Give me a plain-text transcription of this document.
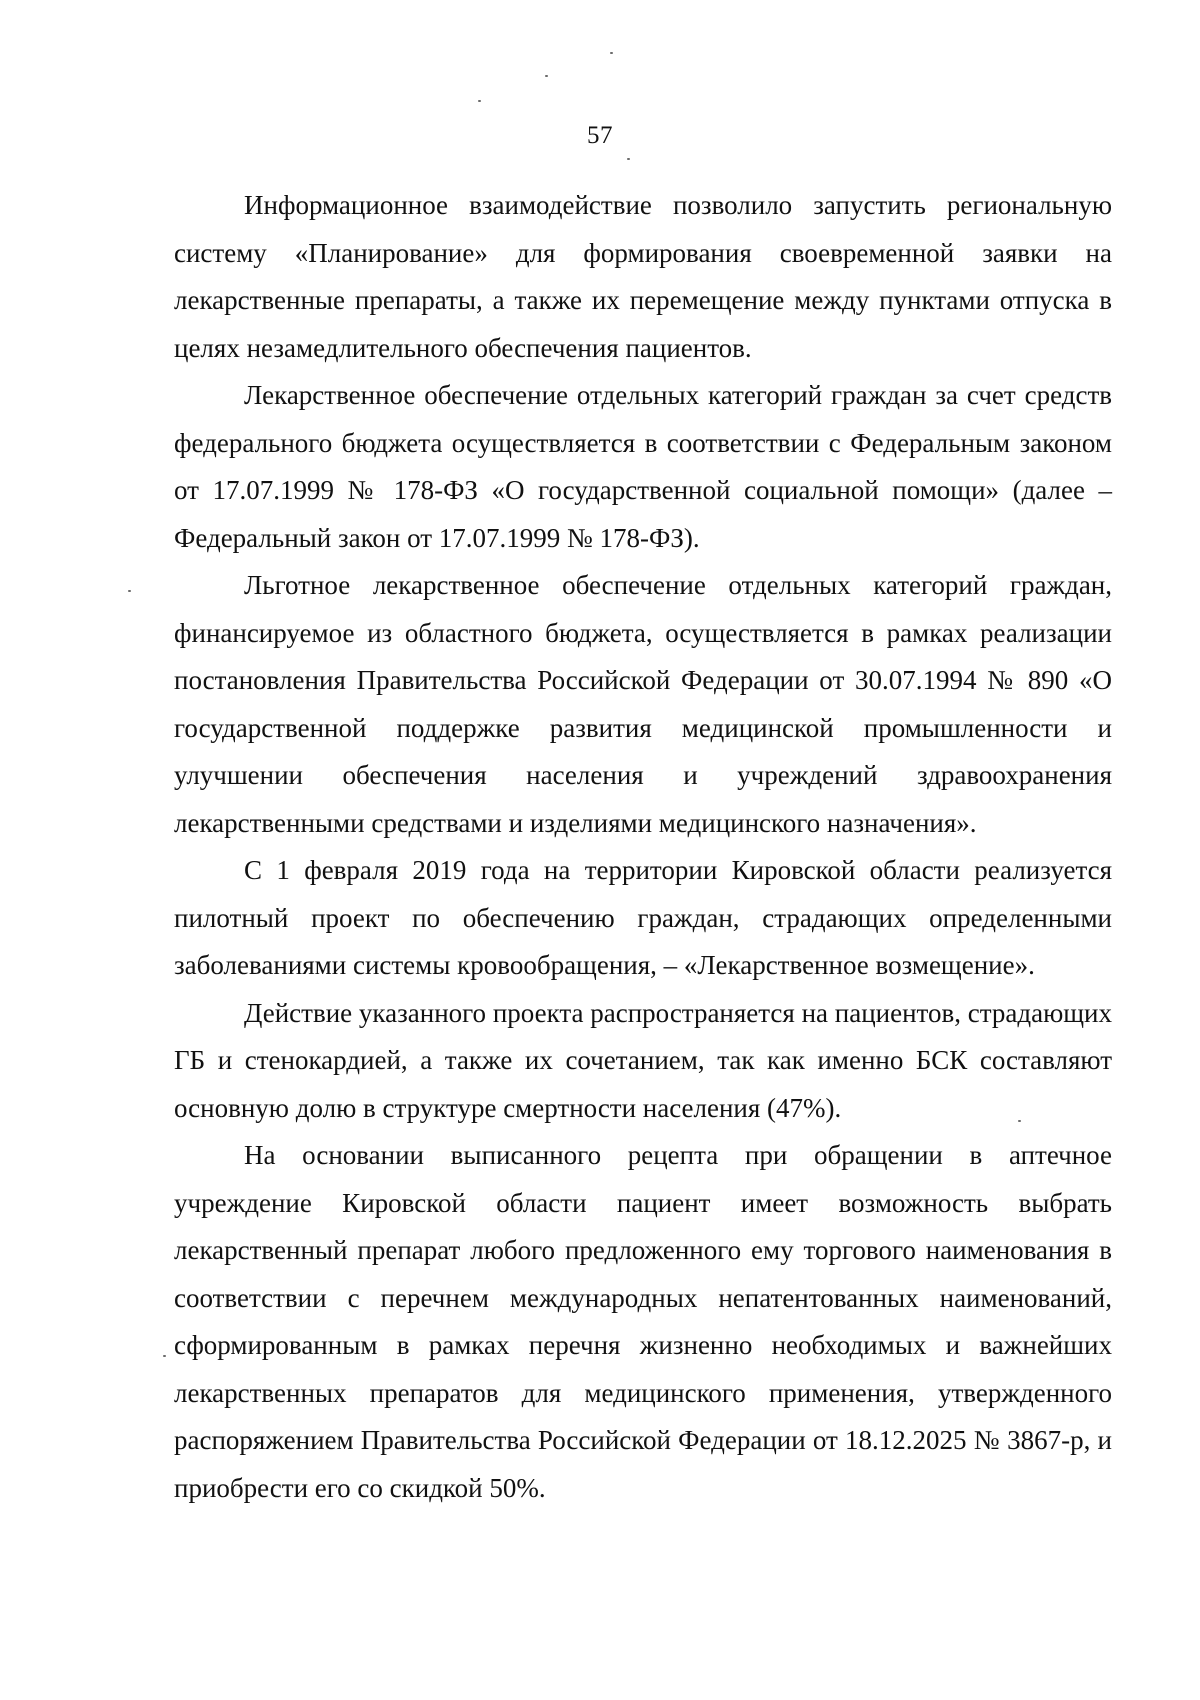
57

Информационное взаимодействие позволило запустить региональную систему «Планирование» для формирования своевременной заявки на лекарственные препараты, а также их перемещение между пунктами отпуска в целях незамедлительного обеспечения пациентов.

Лекарственное обеспечение отдельных категорий граждан за счет средств федерального бюджета осуществляется в соответствии с Федеральным законом от 17.07.1999 № 178-ФЗ «О государственной социальной помощи» (далее – Федеральный закон от 17.07.1999 № 178-ФЗ).

Льготное лекарственное обеспечение отдельных категорий граждан, финансируемое из областного бюджета, осуществляется в рамках реализации постановления Правительства Российской Федерации от 30.07.1994 № 890 «О государственной поддержке развития медицинской промышленности и улучшении обеспечения населения и учреждений здравоохранения лекарственными средствами и изделиями медицинского назначения».

С 1 февраля 2019 года на территории Кировской области реализуется пилотный проект по обеспечению граждан, страдающих определенными заболеваниями системы кровообращения, – «Лекарственное возмещение».

Действие указанного проекта распространяется на пациентов, страдающих ГБ и стенокардией, а также их сочетанием, так как именно БСК составляют основную долю в структуре смертности населения (47%).

На основании выписанного рецепта при обращении в аптечное учреждение Кировской области пациент имеет возможность выбрать лекарственный препарат любого предложенного ему торгового наименования в соответствии с перечнем международных непатентованных наименований, сформированным в рамках перечня жизненно необходимых и важнейших лекарственных препаратов для медицинского применения, утвержденного распоряжением Правительства Российской Федерации от 18.12.2025 № 3867-р, и приобрести его со скидкой 50%.
